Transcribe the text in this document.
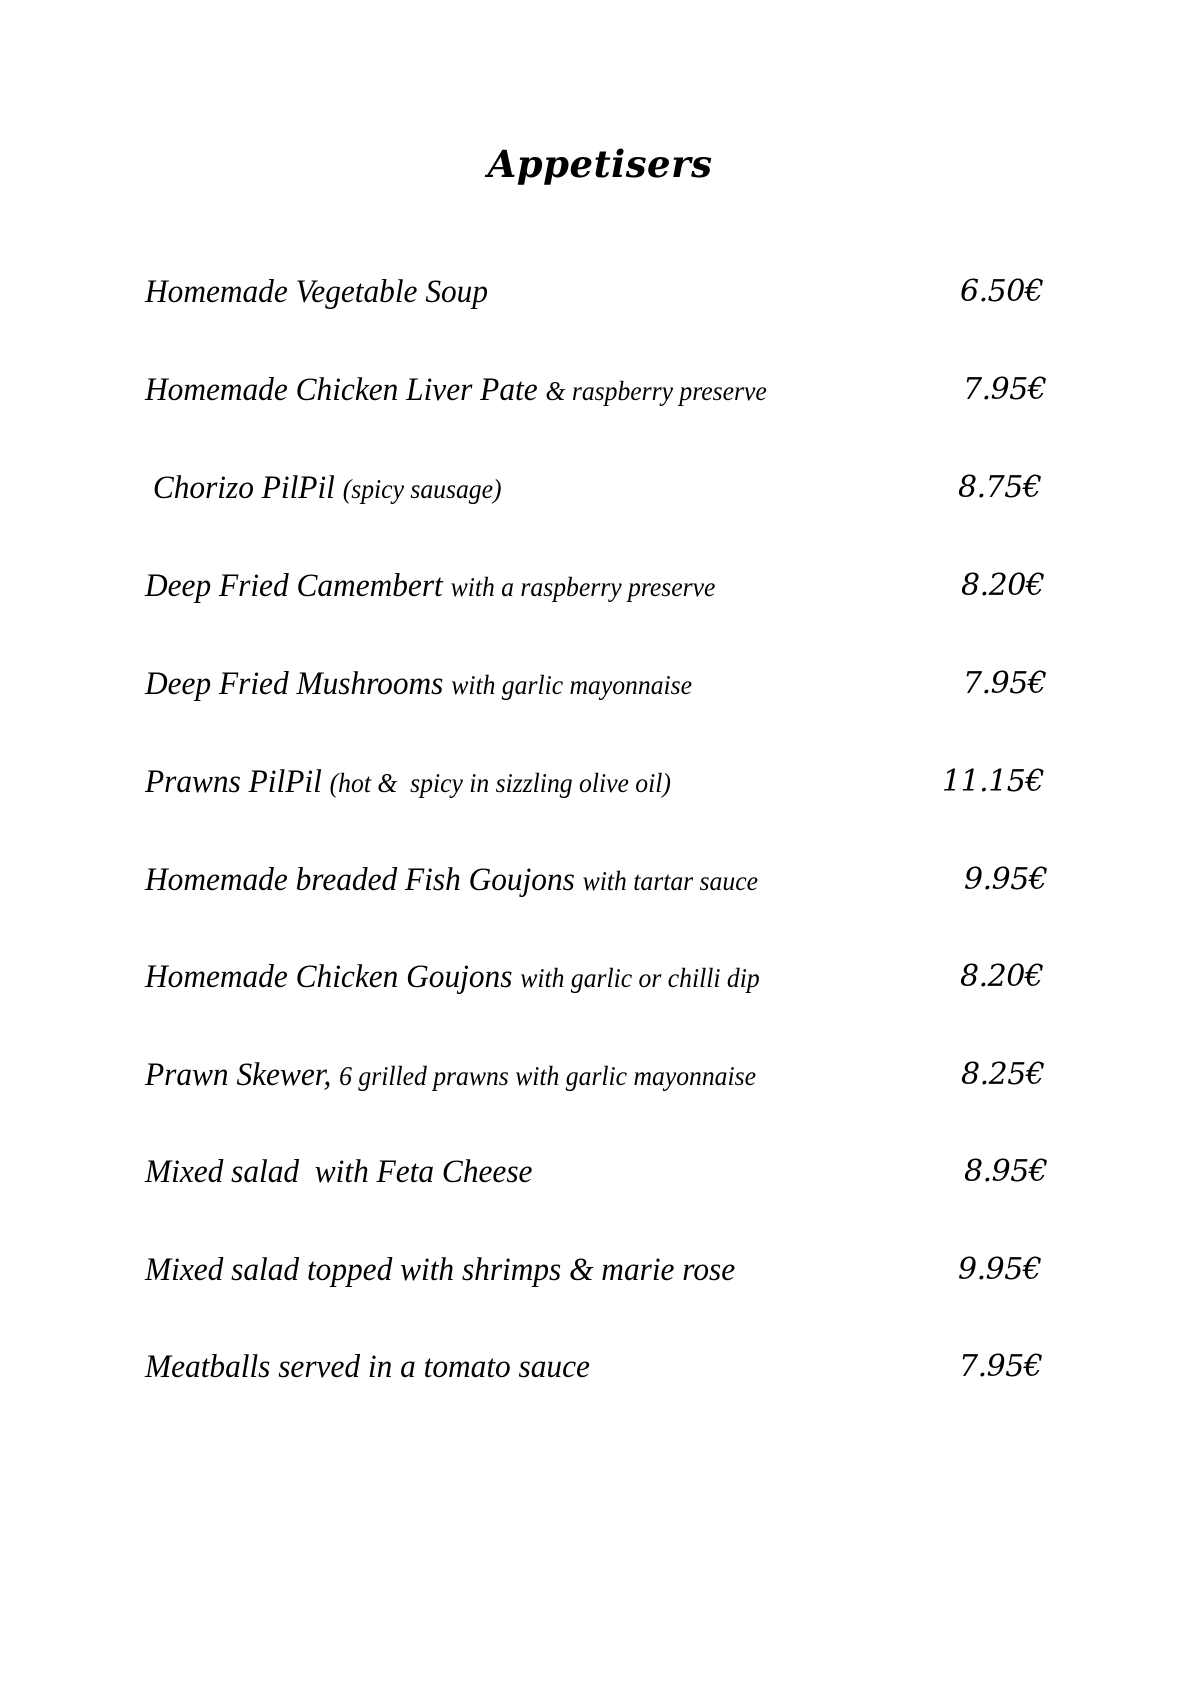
Appetisers
Homemade Vegetable Soup	6.50€
Homemade Chicken Liver Pate & raspberry preserve	7.95€
Chorizo PilPil (spicy sausage)	8.75€
Deep Fried Camembert with a raspberry preserve	8.20€
Deep Fried Mushrooms with garlic mayonnaise	7.95€
Prawns PilPil (hot &  spicy in sizzling olive oil)	11.15€
Homemade breaded Fish Goujons with tartar sauce	9.95€
Homemade Chicken Goujons with garlic or chilli dip	8.20€
Prawn Skewer, 6 grilled prawns with garlic mayonnaise	8.25€
Mixed salad  with Feta Cheese	8.95€
Mixed salad topped with shrimps & marie rose	9.95€
Meatballs served in a tomato sauce	7.95€
